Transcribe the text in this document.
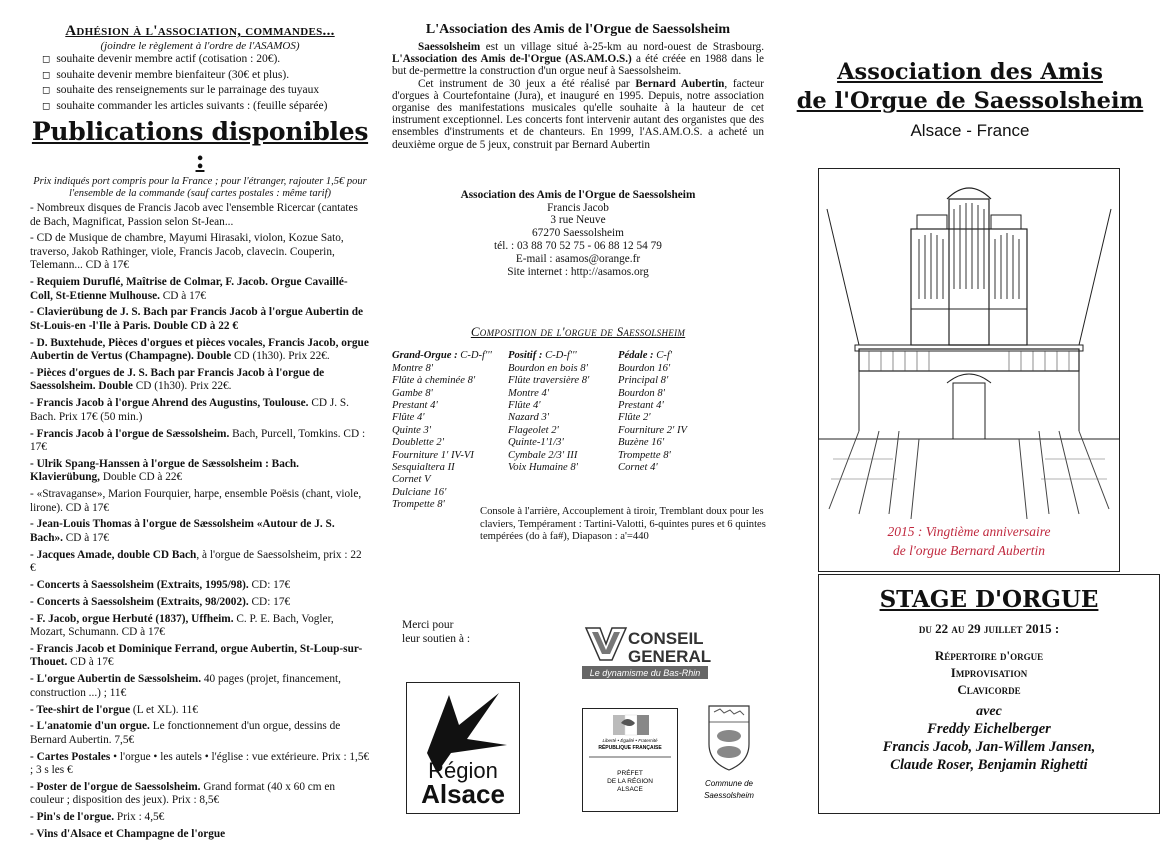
Adhésion à l'association, commandes...
(joindre le règlement à l'ordre de l'ASAMOS)
◻ souhaite devenir membre actif (cotisation : 20€).
◻ souhaite devenir membre bienfaiteur (30€ et plus).
◻ souhaite des renseignements sur le parrainage des tuyaux
◻ souhaite commander les articles suivants : (feuille séparée)
Publications disponibles :
Prix indiqués port compris pour la France ; pour l'étranger, rajouter 1,5€ pour l'ensemble de la commande (sauf cartes postales : même tarif)
- Nombreux disques de Francis Jacob avec l'ensemble Ricercar (cantates de Bach, Magnificat, Passion selon St-Jean...
- CD de Musique de chambre, Mayumi Hirasaki, violon, Kozue Sato, traverso, Jakob Rathinger, viole, Francis Jacob, clavecin. Couperin, Telemann... CD à 17€
- Requiem Duruflé, Maîtrise de Colmar, F. Jacob. Orgue Cavaillé-Coll, St-Etienne Mulhouse. CD à 17€
- Clavierübung de J. S. Bach par Francis Jacob à l'orgue Aubertin de St-Louis-en -l'Ile à Paris. Double CD à 22 €
- D. Buxtehude, Pièces d'orgues et pièces vocales, Francis Jacob, orgue Aubertin de Vertus (Champagne). Double CD (1h30). Prix 22€.
- Pièces d'orgues de J. S. Bach par Francis Jacob à l'orgue de Saessolsheim. Double CD (1h30). Prix 22€.
- Francis Jacob à l'orgue Ahrend des Augustins, Toulouse. CD J. S. Bach. Prix 17€ (50 min.)
- Francis Jacob à l'orgue de Sæssolsheim. Bach, Purcell, Tomkins. CD : 17€
- Ulrik Spang-Hanssen à l'orgue de Sæssolsheim : Bach. Klavierübung, Double CD à 22€
- «Stravaganse», Marion Fourquier, harpe, ensemble Poësis (chant, viole, lirone). CD à 17€
- Jean-Louis Thomas à l'orgue de Sæssolsheim «Autour de J. S. Bach». CD à 17€
- Jacques Amade, double CD Bach, à l'orgue de Saessolsheim, prix : 22 €
- Concerts à Saessolsheim (Extraits, 1995/98). CD: 17€
- Concerts à Saessolsheim (Extraits, 98/2002). CD: 17€
- F. Jacob, orgue Herbuté (1837), Uffheim. C. P. E. Bach, Vogler, Mozart, Schumann. CD à 17€
- Francis Jacob et Dominique Ferrand, orgue Aubertin, St-Loup-sur-Thouet. CD à 17€
- L'orgue Aubertin de Sæssolsheim. 40 pages (projet, financement, construction ...) ; 11€
- Tee-shirt de l'orgue (L et XL). 11€
- L'anatomie d'un orgue. Le fonctionnement d'un orgue, dessins de Bernard Aubertin. 7,5€
- Cartes Postales • l'orgue • les autels • l'église : vue extérieure. Prix : 1,5€ ; 3 s les €
- Poster de l'orgue de Saessolsheim. Grand format (40 x 60 cm en couleur ; disposition des jeux). Prix : 8,5€
- Pin's de l'orgue. Prix : 4,5€
- Vins d'Alsace et Champagne de l'orgue
L'Association des Amis de l'Orgue de Saessolsheim

Saessolsheim est un village situé à-25-km au nord-ouest de Strasbourg. L'Association des Amis de-l'Orgue (AS.AM.O.S.) a été créée en 1988 dans le but de-permettre la construction d'un orgue neuf à Saessolsheim.

Cet instrument de 30 jeux a été réalisé par Bernard Aubertin, facteur d'orgues à Courtefontaine (Jura), et inauguré en 1995. Depuis, notre association organise des manifestations musicales qu'elle souhaite à la hauteur de cet instrument exceptionnel. Les concerts font intervenir autant des organistes que des ensembles d'instruments et de chanteurs. En 1999, l'AS.AM.O.S. a acheté un deuxième orgue de 5 jeux, construit par Bernard Aubertin

Association des Amis de l'Orgue de Saessolsheim
Francis Jacob
3 rue Neuve
67270 Saessolsheim
tél. : 03 88 70 52 75 - 06 88 12 54 79
E-mail : asamos@orange.fr
Site internet : http://asamos.org
Composition de l'orgue de Saessolsheim
Grand-Orgue : C-D-f'''
Montre 8'
Flûte à cheminée 8'
Gambe 8'
Prestant 4'
Flûte 4'
Quinte 3'
Doublette 2'
Fourniture 1' IV-VI
Sesquialtera II
Cornet V
Dulciane 16'
Trompette 8'
Positif : C-D-f'''
Bourdon en bois 8'
Flûte traversière 8'
Montre 4'
Flûte 4'
Nazard 3'
Flageolet 2'
Quinte-1'1/3'
Cymbale 2/3' III
Voix Humaine 8'
Pédale : C-f'
Bourdon 16'
Principal 8'
Bourdon 8'
Prestant 4'
Flûte 2'
Fourniture 2' IV
Buzène 16'
Trompette 8'
Cornet 4'
Console à l'arrière, Accouplement à tiroir, Tremblant doux pour les claviers, Tempérament : Tartini-Valotti, 6-quintes pures et 6 quintes tempérées (do à fa#), Diapason : a'=440
Merci pour
leur soutien à :	CONSEIL
GENERAL
Le dynamisme du Bas-Rhin
Région
Alsace
Liberté • Égalité • Fraternité
RÉPUBLIQUE FRANÇAISE
PRÉFET
DE LA RÉGION
ALSACE
Commune de
Saessolsheim
Association des Amis
de l'Orgue de Saessolsheim
Alsace - France
2015 : Vingtième anniversaire
de l'orgue Bernard Aubertin
STAGE D'ORGUE
du 22 au 29 juillet 2015 :
Répertoire d'orgue
Improvisation
Clavicorde
avec
Freddy Eichelberger
Francis Jacob, Jan-Willem Jansen,
Claude Roser, Benjamin Righetti
